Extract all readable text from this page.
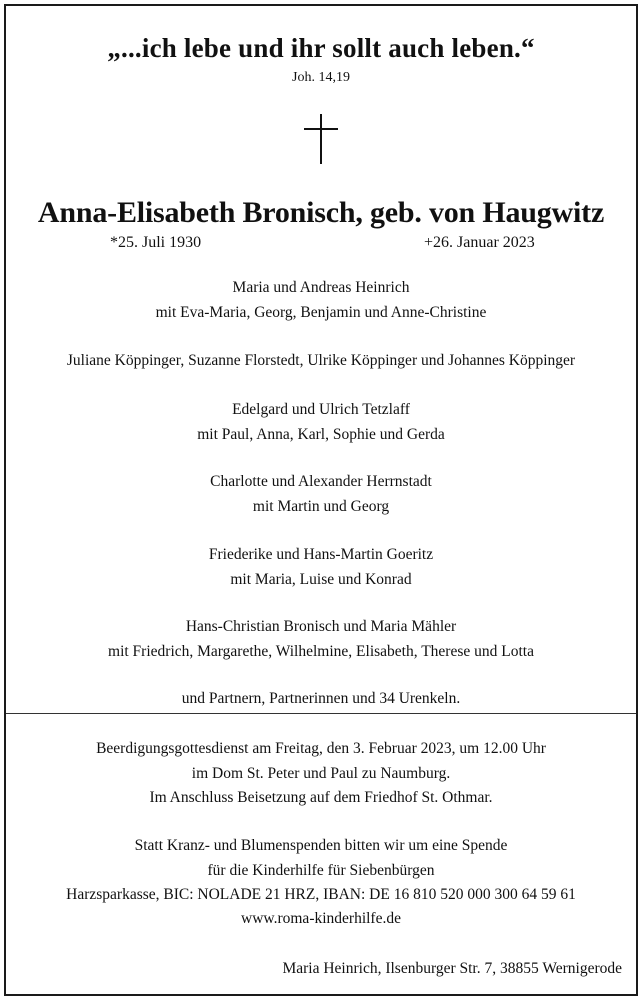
„...ich lebe und ihr sollt auch leben.“
Joh. 14,19
Anna-Elisabeth Bronisch, geb. von Haugwitz
*25. Juli 1930	+26. Januar 2023
Maria und Andreas Heinrich
mit Eva-Maria, Georg, Benjamin und Anne-Christine
Juliane Köppinger, Suzanne Florstedt, Ulrike Köppinger und Johannes Köppinger
Edelgard und Ulrich Tetzlaff
mit Paul, Anna, Karl, Sophie und Gerda
Charlotte und Alexander Herrnstadt
mit Martin und Georg
Friederike und Hans-Martin Goeritz
mit Maria, Luise und Konrad
Hans-Christian Bronisch und Maria Mähler
mit Friedrich, Margarethe, Wilhelmine, Elisabeth, Therese und Lotta
und Partnern, Partnerinnen und 34 Urenkeln.
Beerdigungsgottesdienst am Freitag, den 3. Februar 2023, um 12.00 Uhr
im Dom St. Peter und Paul zu Naumburg.
Im Anschluss Beisetzung auf dem Friedhof St. Othmar.
Statt Kranz- und Blumenspenden bitten wir um eine Spende
für die Kinderhilfe für Siebenbürgen
Harzsparkasse, BIC: NOLADE 21 HRZ, IBAN: DE 16 810 520 000 300 64 59 61
www.roma-kinderhilfe.de
Maria Heinrich, Ilsenburger Str. 7, 38855 Wernigerode
